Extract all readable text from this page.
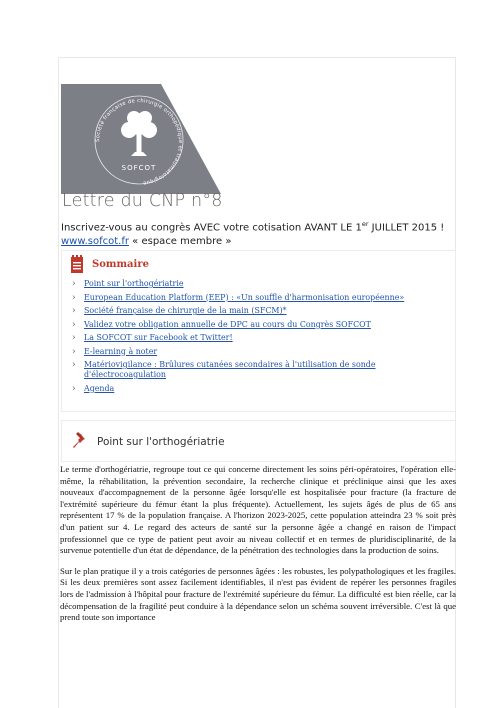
Société française de chirurgie orthopédique et traumatologique
SOFCOT
Lettre du CNP n°8
Inscrivez-vous au congrès AVEC votre cotisation AVANT LE 1er JUILLET 2015 !
www.sofcot.fr « espace membre »
Sommaire
› Point sur l'orthogériatrie
› European Education Platform (EEP) : «Un souffle d'harmonisation européenne»
› Société française de chirurgie de la main (SFCM)*
› Validez votre obligation annuelle de DPC au cours du Congrès SOFCOT
› La SOFCOT sur Facebook et Twitter!
› E-learning à noter
› Matériovigilance : Brûlures cutanées secondaires à l'utilisation de sonde d'électrocoagulation
› Agenda
Point sur l'orthogériatrie

Le terme d'orthogériatrie, regroupe tout ce qui concerne directement les soins péri-opératoires, l'opération elle-même, la réhabilitation, la prévention secondaire, la recherche clinique et préclinique ainsi que les axes nouveaux d'accompagnement de la personne âgée lorsqu'elle est hospitalisée pour fracture (la fracture de l'extrémité supérieure du fémur étant la plus fréquente). Actuellement, les sujets âgés de plus de 65 ans représentent 17 % de la population française. A l'horizon 2023-2025, cette population atteindra 23 % soit près d'un patient sur 4. Le regard des acteurs de santé sur la personne âgée a changé en raison de l'impact professionnel que ce type de patient peut avoir au niveau collectif et en termes de pluridisciplinarité, de la survenue potentielle d'un état de dépendance, de la pénétration des technologies dans la production de soins.

Sur le plan pratique il y a trois catégories de personnes âgées : les robustes, les polypathologiques et les fragiles. Si les deux premières sont assez facilement identifiables, il n'est pas évident de repérer les personnes fragiles lors de l'admission à l'hôpital pour fracture de l'extrémité supérieure du fémur. La difficulté est bien réelle, car la décompensation de la fragilité peut conduire à la dépendance selon un schéma souvent irréversible. C'est là que prend toute son importance
